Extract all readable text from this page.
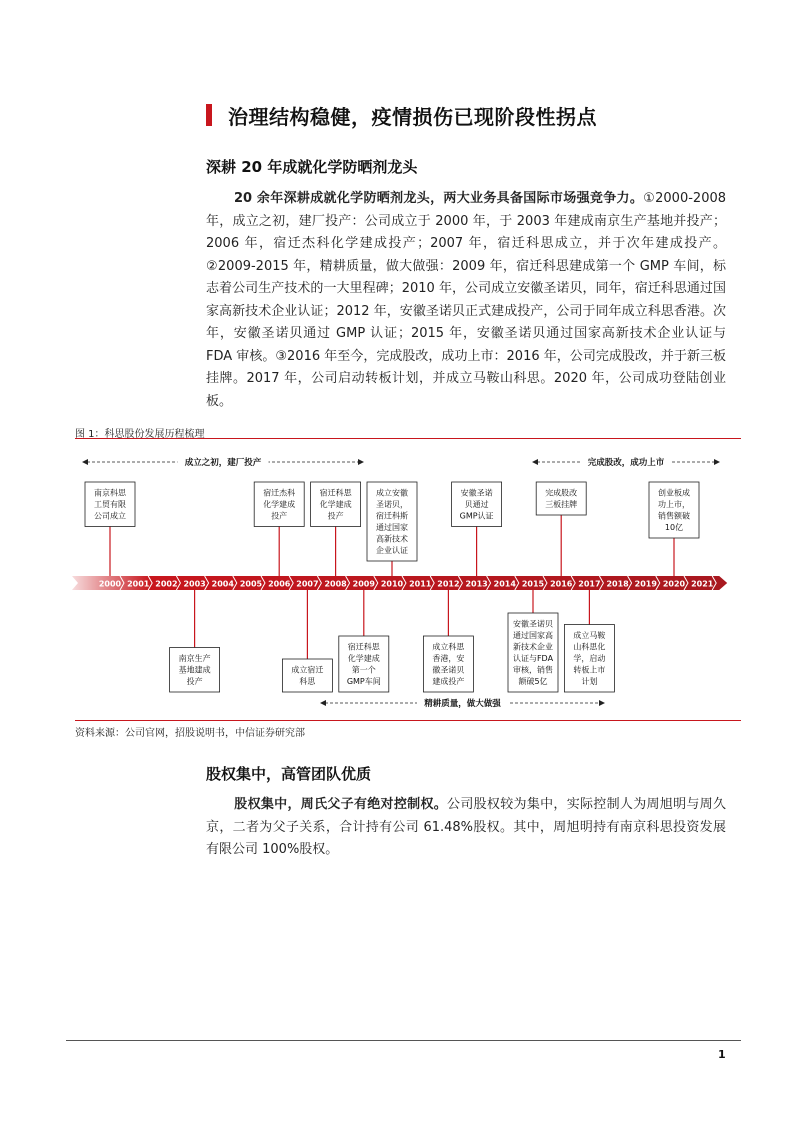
治理结构稳健，疫情损伤已现阶段性拐点
深耕 20 年成就化学防晒剂龙头
20 余年深耕成就化学防晒剂龙头，两大业务具备国际市场强竞争力。①2000-2008 年，成立之初，建厂投产：公司成立于 2000 年，于 2003 年建成南京生产基地并投产；2006 年，宿迁杰科化学建成投产；2007 年，宿迁科思成立，并于次年建成投产。②2009-2015 年，精耕质量，做大做强：2009 年，宿迁科思建成第一个 GMP 车间，标志着公司生产技术的一大里程碑；2010 年，公司成立安徽圣诺贝，同年，宿迁科思通过国家高新技术企业认证；2012 年，安徽圣诺贝正式建成投产，公司于同年成立科思香港。次年，安徽圣诺贝通过 GMP 认证；2015 年，安徽圣诺贝通过国家高新技术企业认证与 FDA 审核。③2016 年至今，完成股改，成功上市：2016 年，公司完成股改，并于新三板挂牌。2017 年，公司启动转板计划，并成立马鞍山科思。2020 年，公司成功登陆创业板。
图 1：科思股份发展历程梳理
2000 2001 2002 2003 2004 2005 2006 2007 2008 2009 2010 2011 2012 2013 2014 2015 2016 2017 2018 2019 2020 2021
成立之初，建厂投产	完成股改，成功上市
精耕质量，做大做强
南京科思
工贸有限
公司成立
宿迁杰科
化学建成
投产
宿迁科思
化学建成
投产
成立安徽
圣诺贝，
宿迁科斯
通过国家
高新技术
企业认证
安徽圣诺
贝通过
GMP认证
完成股改
三板挂牌
创业板成
功上市，
销售额破
10亿
南京生产
基地建成
投产
成立宿迁
科思
宿迁科思
化学建成
第一个
GMP车间
成立科思
香港，安
徽圣诺贝
建成投产
安徽圣诺贝
通过国家高
新技术企业
认证与FDA
审核，销售
额破5亿
成立马鞍
山科思化
学，启动
转板上市
计划
资料来源：公司官网，招股说明书，中信证券研究部
股权集中，高管团队优质
股权集中，周氏父子有绝对控制权。公司股权较为集中，实际控制人为周旭明与周久京，二者为父子关系，合计持有公司 61.48%股权。其中，周旭明持有南京科思投资发展有限公司 100%股权。
1
